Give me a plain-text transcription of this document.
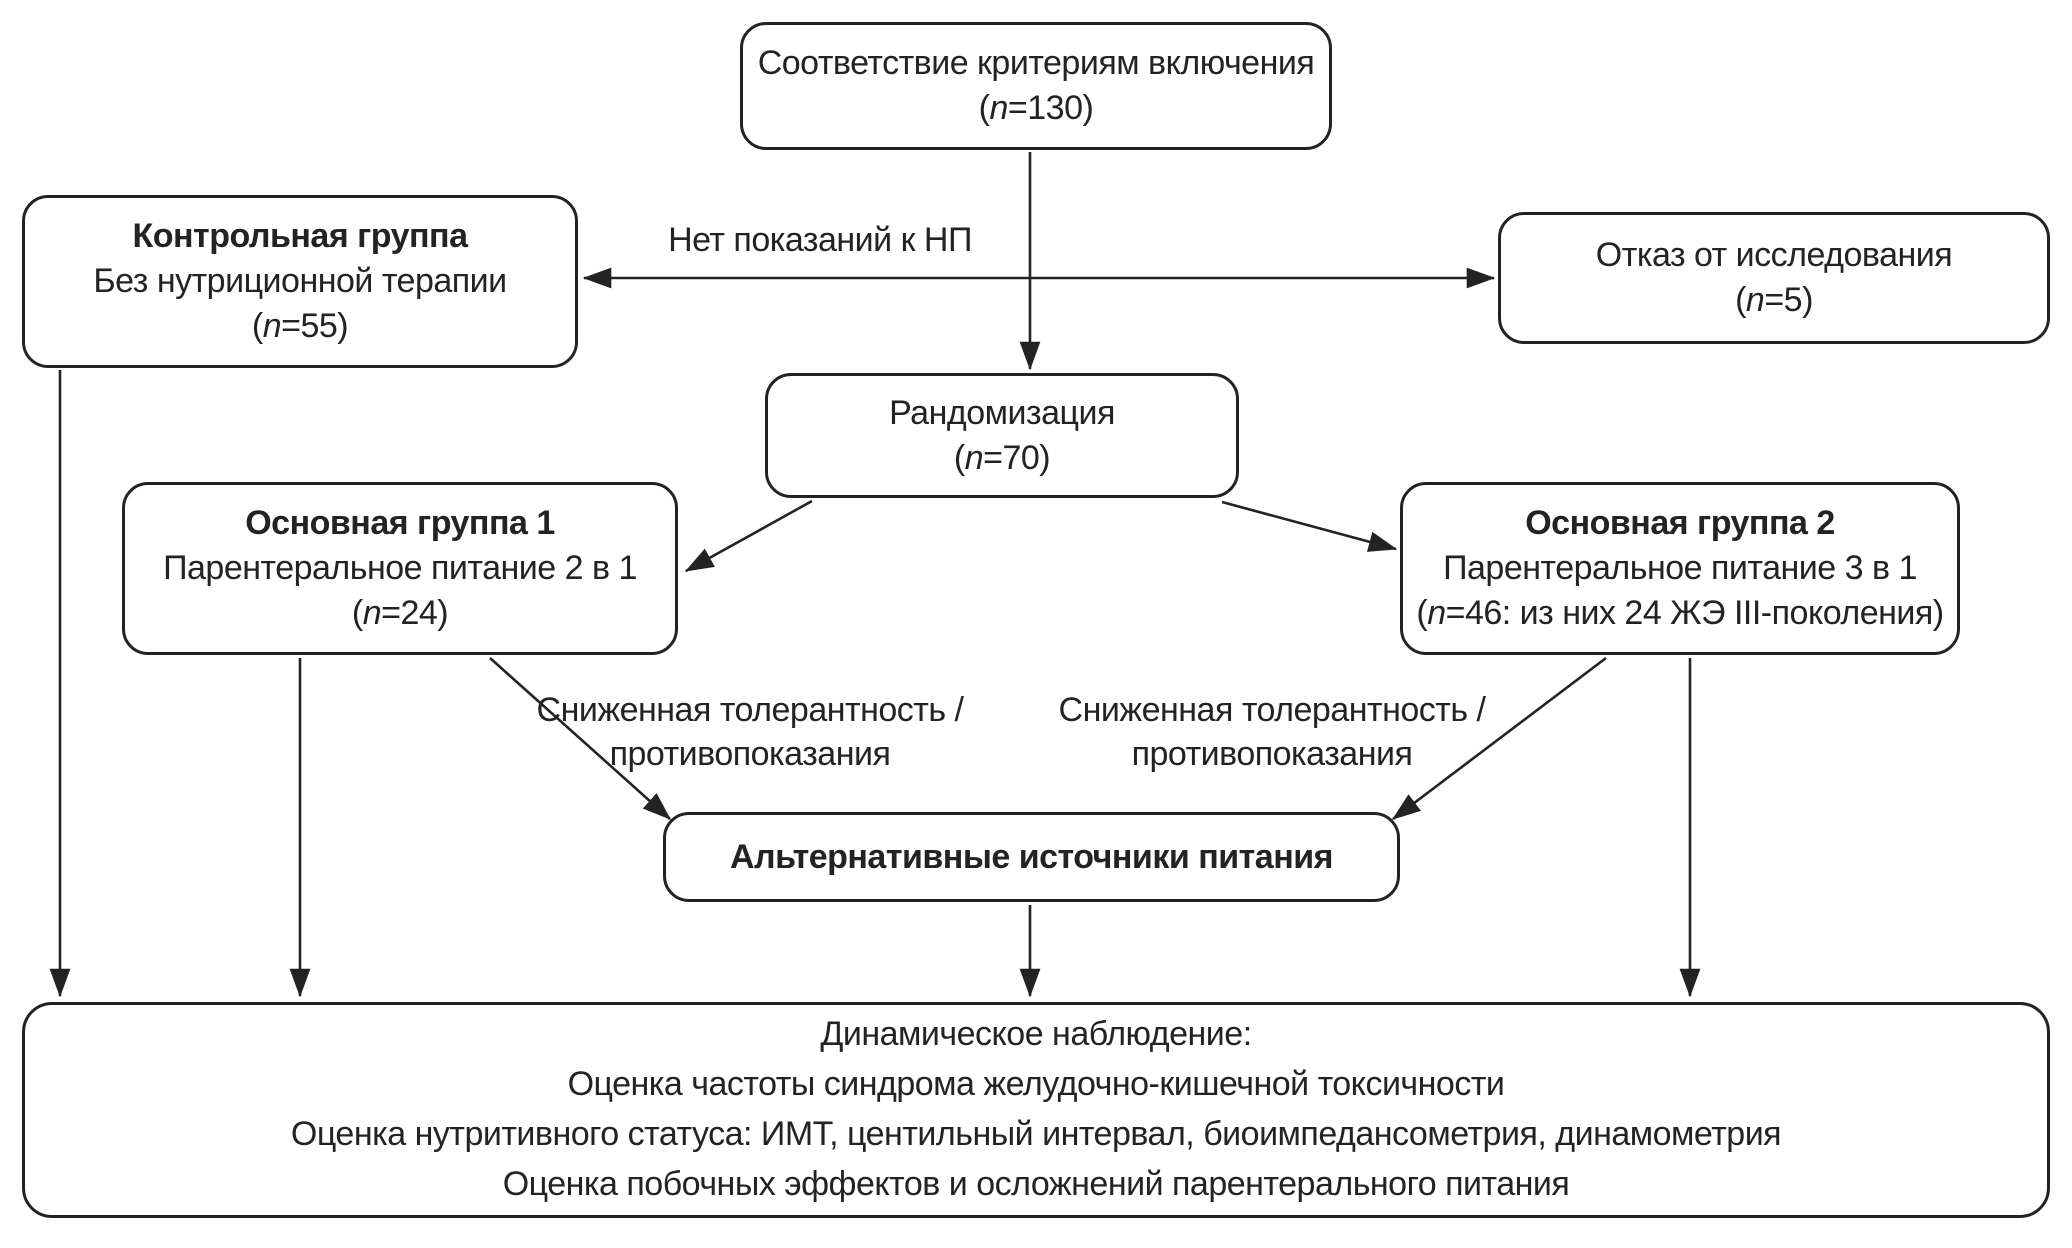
Соответствие критериям включения
(n=130)
Контрольная группа
Без нутриционной терапии
(n=55)
Отказ от исследования
(n=5)
Нет показаний к НП
Рандомизация
(n=70)
Основная группа 1
Парентеральное питание 2 в 1
(n=24)
Основная группа 2
Парентеральное питание 3 в 1
(n=46: из них 24 ЖЭ III-поколения)
Сниженная толерантность /
противопоказания
Сниженная толерантность /
противопоказания
Альтернативные источники питания
Динамическое наблюдение:
Оценка частоты синдрома желудочно-кишечной токсичности
Оценка нутритивного статуса: ИМТ, центильный интервал, биоимпедансометрия, динамометрия
Оценка побочных эффектов и осложнений парентерального питания
